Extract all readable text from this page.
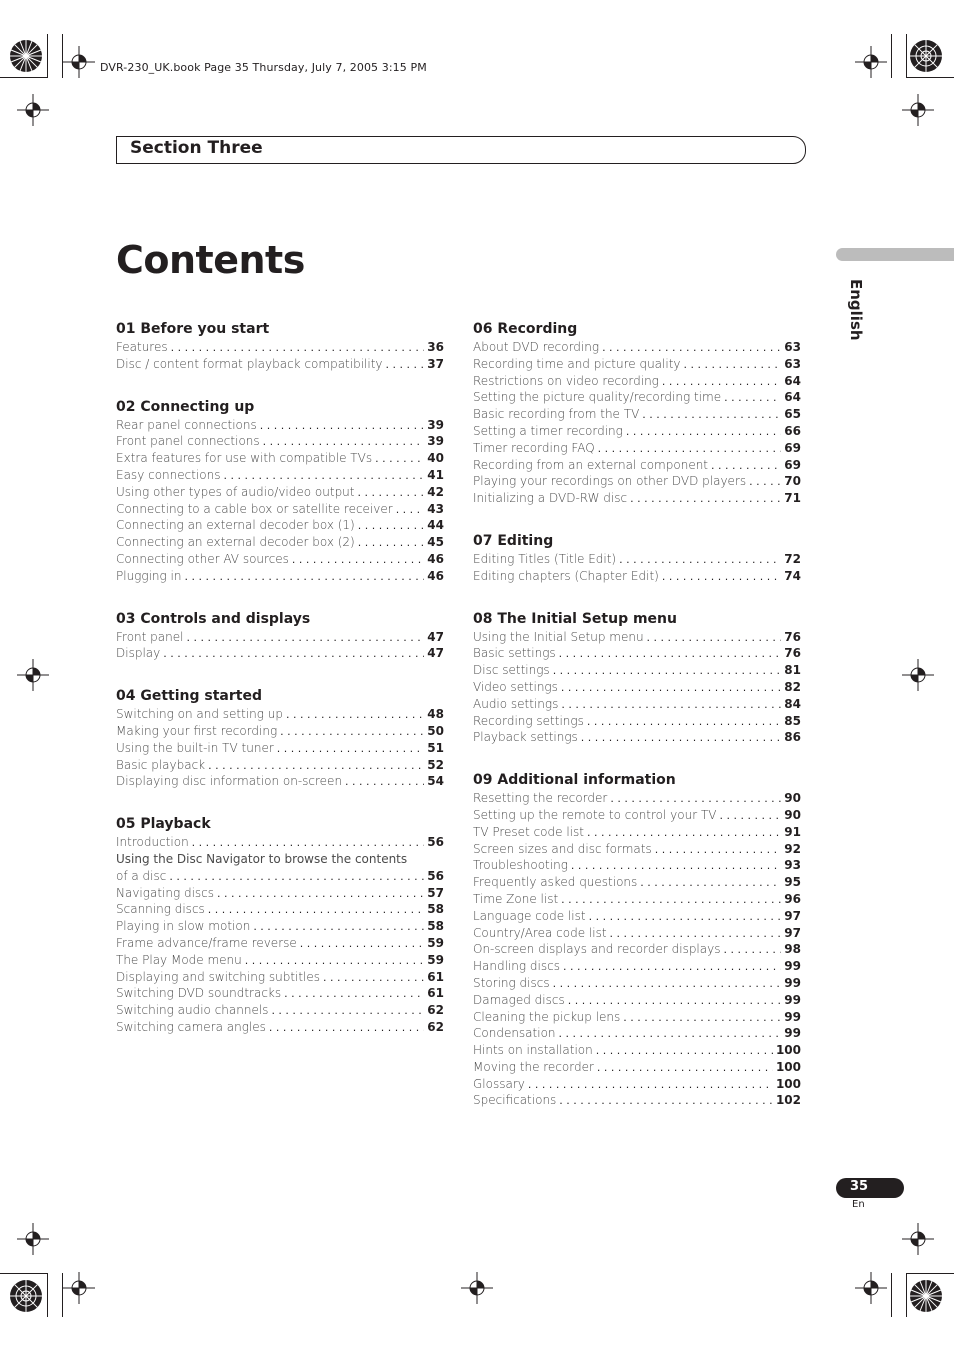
DVR-230_UK.book Page 35 Thursday, July 7, 2005 3:15 PM
Section Three
Contents
English
01 Before you start
Features . . .	36
Disc / content format playback compatibility . . .	37
02 Connecting up
Rear panel connections . . .	39
Front panel connections . . .	39
Extra features for use with compatible TVs . . .	40
Easy connections . . .	41
Using other types of audio/video output . . .	42
Connecting to a cable box or satellite receiver . . .	43
Connecting an external decoder box (1) . . .	44
Connecting an external decoder box (2) . . .	45
Connecting other AV sources . . .	46
Plugging in . . .	46
03 Controls and displays
Front panel . . .	47
Display . . .	47
04 Getting started
Switching on and setting up . . .	48
Making your first recording . . .	50
Using the built-in TV tuner . . .	51
Basic playback . . .	52
Displaying disc information on-screen . . .	54
05 Playback
Introduction . . .	56
Using the Disc Navigator to browse the contents
of a disc . . .	56
Navigating discs . . .	57
Scanning discs . . .	58
Playing in slow motion . . .	58
Frame advance/frame reverse . . .	59
The Play Mode menu . . .	59
Displaying and switching subtitles . . .	61
Switching DVD soundtracks . . .	61
Switching audio channels . . .	62
Switching camera angles . . .	62
06 Recording
About DVD recording . . .	63
Recording time and picture quality . . .	63
Restrictions on video recording . . .	64
Setting the picture quality/recording time . . .	64
Basic recording from the TV . . .	65
Setting a timer recording . . .	66
Timer recording FAQ . . .	69
Recording from an external component . . .	69
Playing your recordings on other DVD players . . .	70
Initializing a DVD-RW disc . . .	71
07 Editing
Editing Titles (Title Edit) . . .	72
Editing chapters (Chapter Edit) . . .	74
08 The Initial Setup menu
Using the Initial Setup menu . . .	76
Basic settings . . .	76
Disc settings . . .	81
Video settings . . .	82
Audio settings . . .	84
Recording settings . . .	85
Playback settings . . .	86
09 Additional information
Resetting the recorder . . .	90
Setting up the remote to control your TV . . .	90
TV Preset code list . . .	91
Screen sizes and disc formats . . .	92
Troubleshooting . . .	93
Frequently asked questions . . .	95
Time Zone list . . .	96
Language code list . . .	97
Country/Area code list . . .	97
On-screen displays and recorder displays . . .	98
Handling discs . . .	99
Storing discs . . .	99
Damaged discs . . .	99
Cleaning the pickup lens . . .	99
Condensation . . .	99
Hints on installation . . .	100
Moving the recorder . . .	100
Glossary . . .	100
Specifications . . .	102
35
En
